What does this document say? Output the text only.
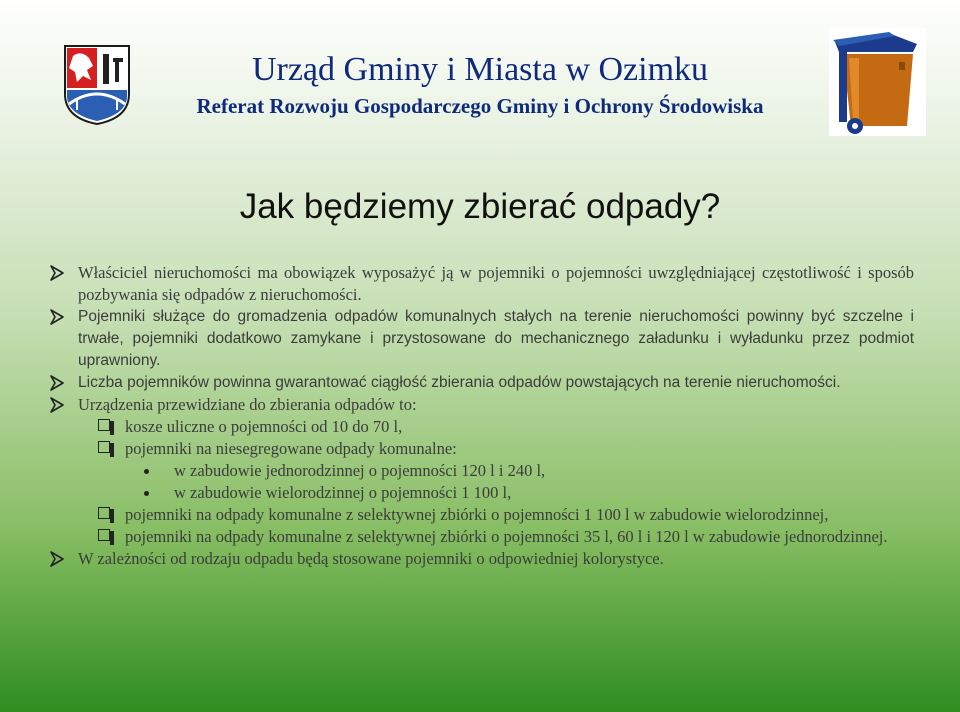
Urząd Gminy i Miasta w Ozimku
Referat Rozwoju Gospodarczego Gminy i Ochrony Środowiska
Jak będziemy zbierać odpady?
Właściciel nieruchomości ma obowiązek wyposażyć ją w pojemniki o pojemności uwzględniającej częstotliwość i sposób pozbywania się odpadów z nieruchomości.
Pojemniki służące do gromadzenia odpadów komunalnych stałych na terenie nieruchomości powinny być szczelne i trwałe, pojemniki dodatkowo zamykane i przystosowane do mechanicznego załadunku i wyładunku przez podmiot uprawniony.
Liczba pojemników powinna gwarantować ciągłość zbierania odpadów powstających na terenie nieruchomości.
Urządzenia przewidziane do zbierania odpadów to:
kosze uliczne o pojemności od 10 do 70 l,
pojemniki na niesegregowane odpady komunalne:
w zabudowie jednorodzinnej o pojemności 120 l i 240 l,
w zabudowie wielorodzinnej o pojemności 1 100 l,
pojemniki na odpady komunalne z selektywnej zbiórki o pojemności 1 100 l w zabudowie wielorodzinnej,
pojemniki na odpady komunalne z selektywnej zbiórki o pojemności 35 l, 60 l i 120 l w zabudowie jednorodzinnej.
W zależności od rodzaju odpadu będą stosowane pojemniki o odpowiedniej kolorystyce.
